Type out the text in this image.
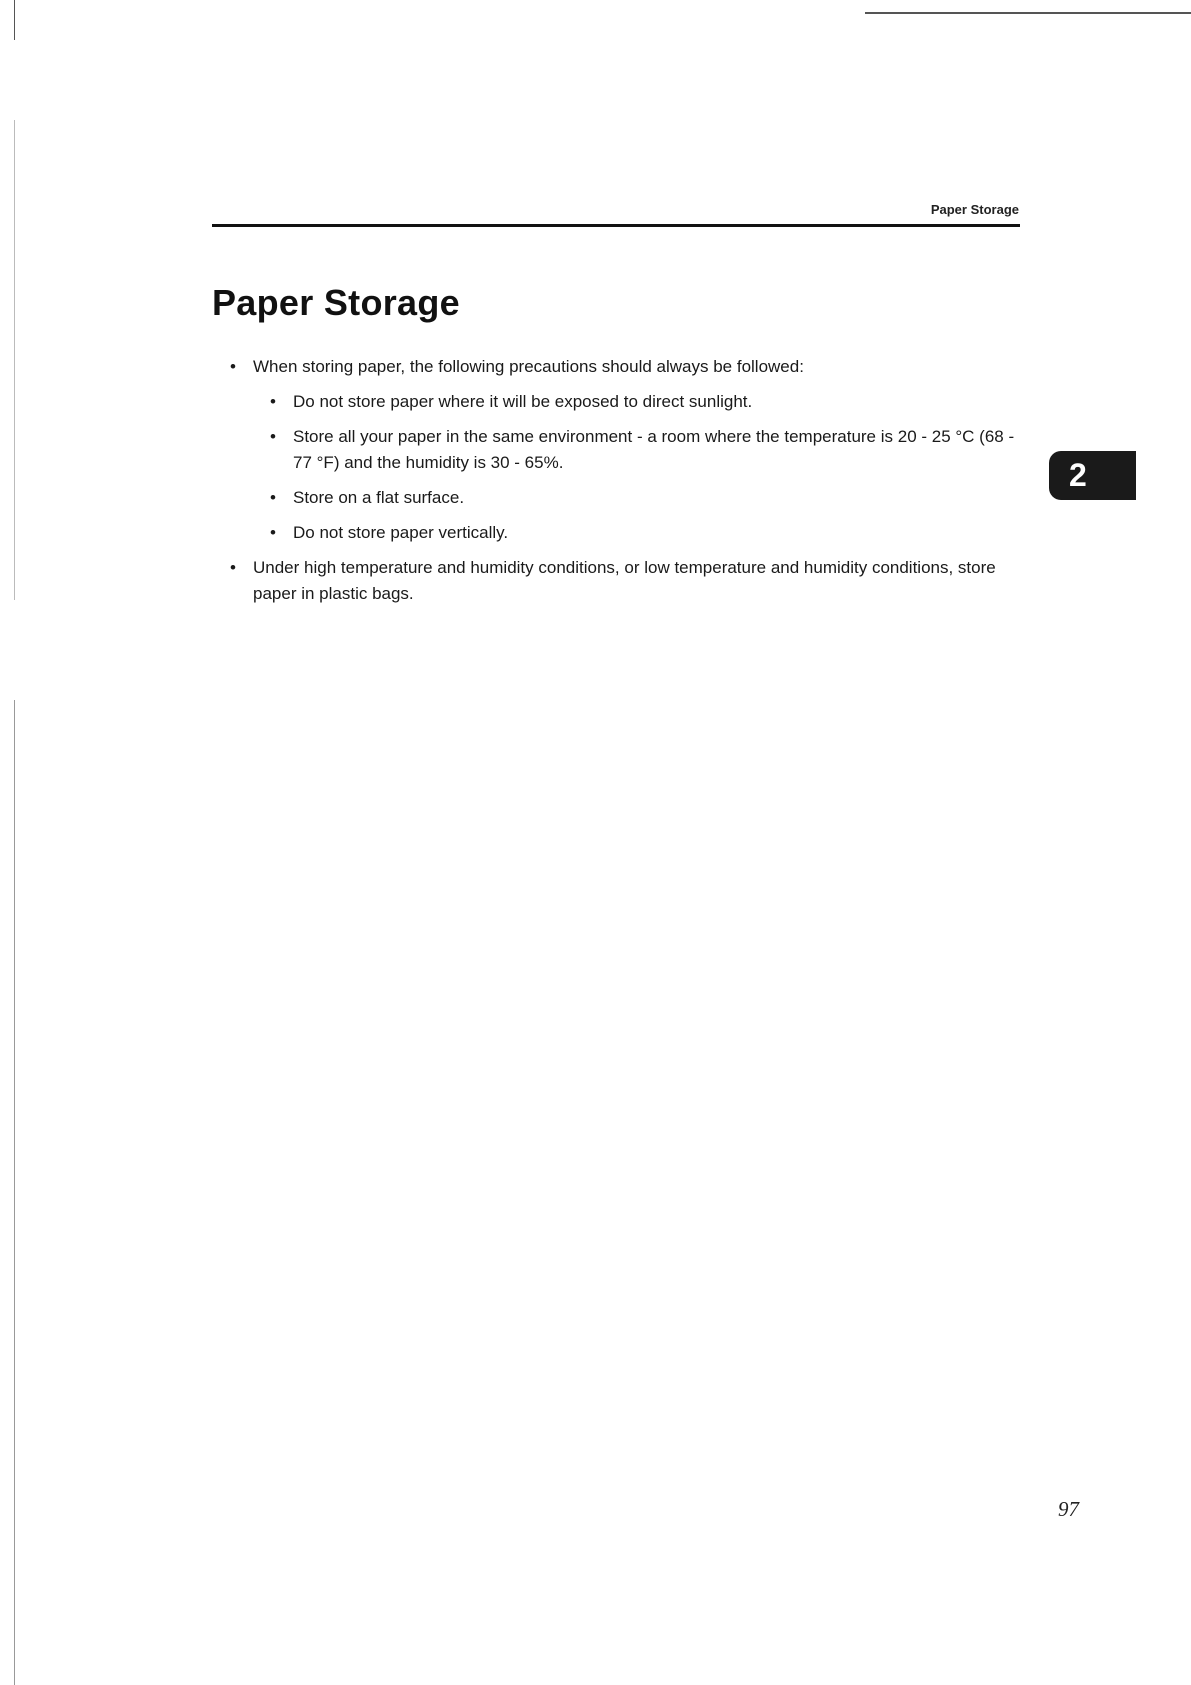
Paper Storage
Paper Storage
• When storing paper, the following precautions should always be followed:
• Do not store paper where it will be exposed to direct sunlight.
• Store all your paper in the same environment - a room where the temperature is 20 - 25 °C (68 - 77 °F) and the humidity is 30 - 65%.
• Store on a flat surface.
• Do not store paper vertically.
• Under high temperature and humidity conditions, or low temperature and humidity conditions, store paper in plastic bags.
2
97
